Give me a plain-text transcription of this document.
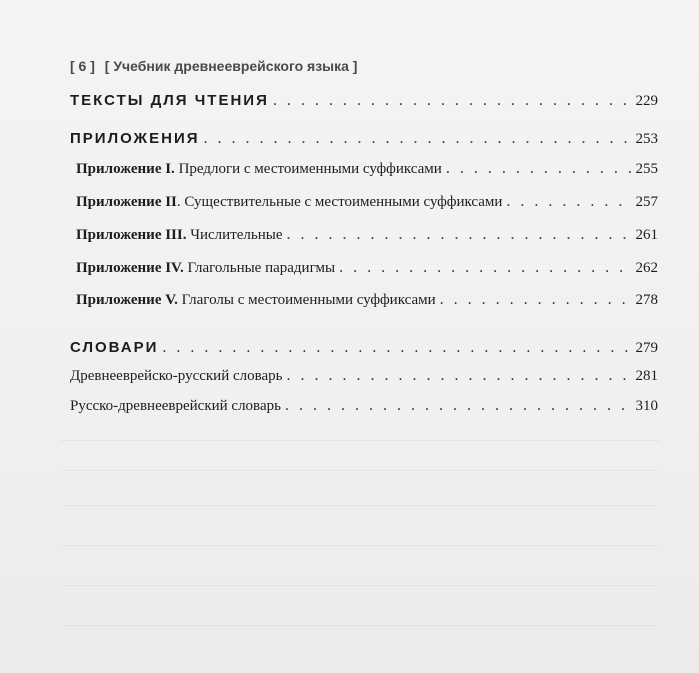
[ 6 ] [ Учебник древнееврейского языка ]
ТЕКСТЫ ДЛЯ ЧТЕНИЯ . . .	229
ПРИЛОЖЕНИЯ . . .	253
Приложение I. Предлоги с местоименными суффиксами . . .	255
Приложение II. Существительные с местоименными суффиксами . . .	257
Приложение III. Числительные . . .	261
Приложение IV. Глагольные парадигмы . . .	262
Приложение V. Глаголы с местоименными суффиксами . . .	278
СЛОВАРИ . . .	279
Древнееврейско-русский словарь . . .	281
Русско-древнееврейский словарь . . .	310
